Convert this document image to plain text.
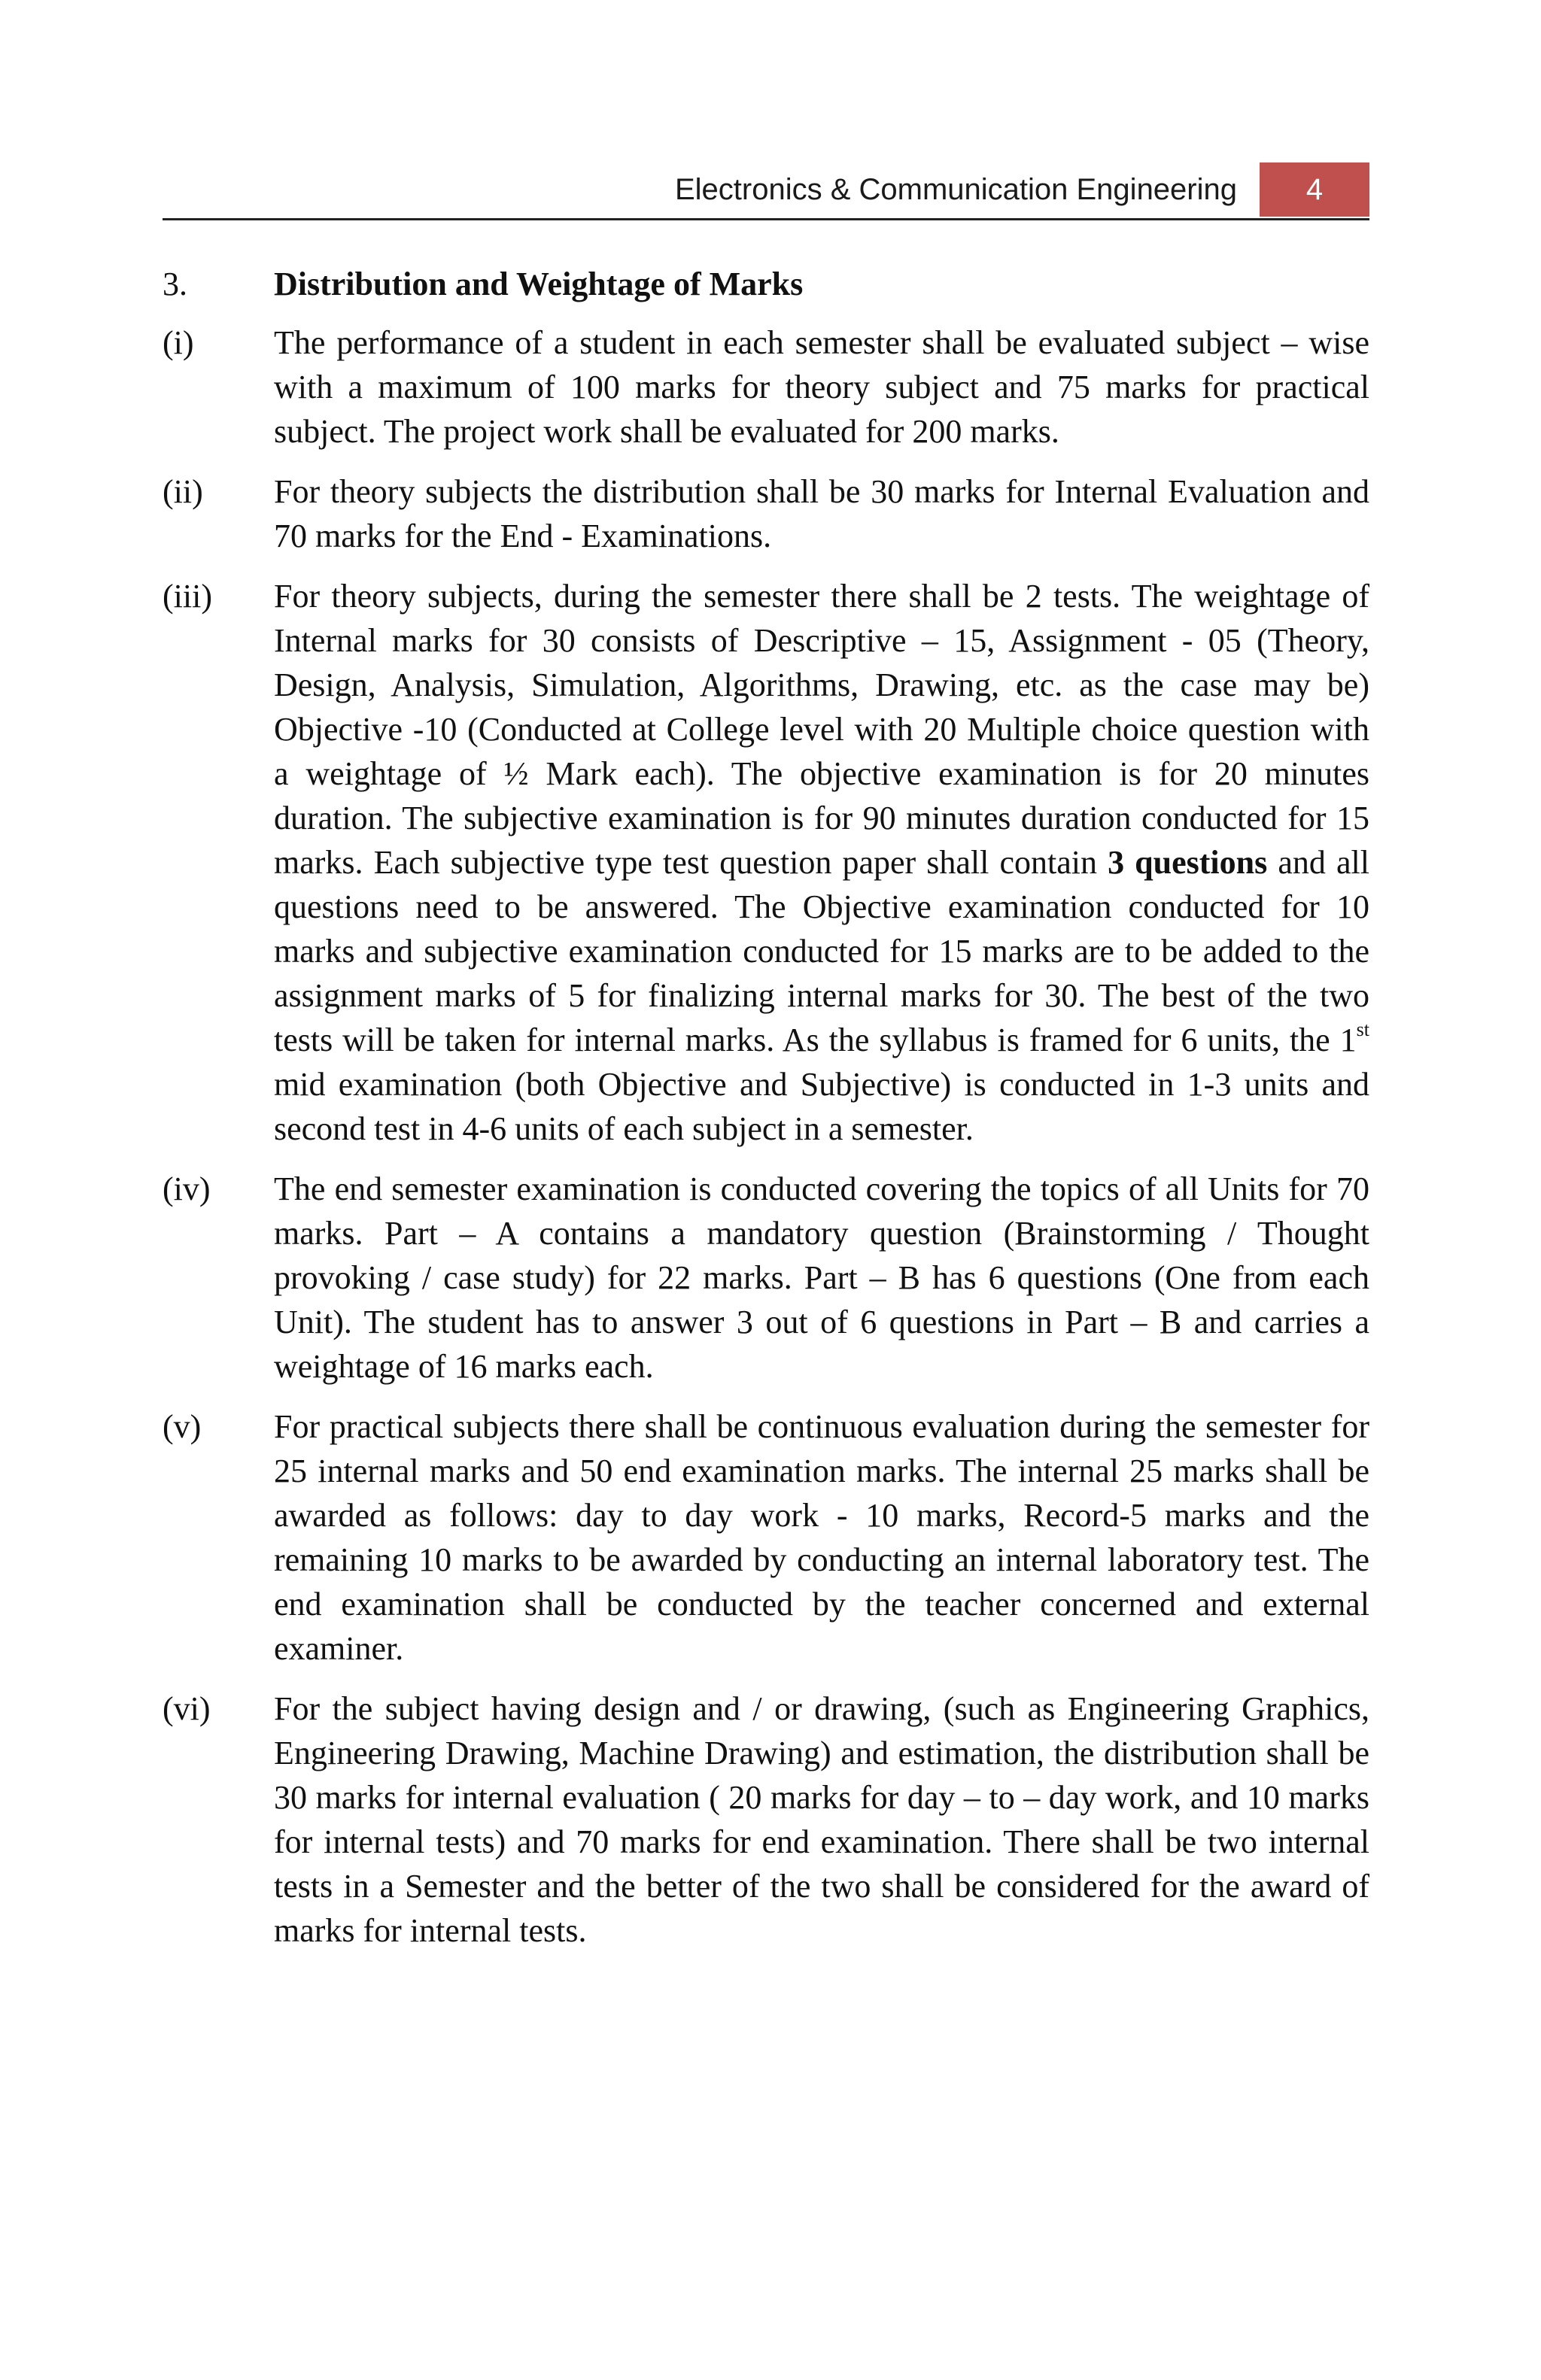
Electronics & Communication Engineering 4
3.	Distribution and Weightage of Marks
(i)	The performance of a student in each semester shall be evaluated subject – wise with a maximum of 100 marks for theory subject and 75 marks for practical subject. The project work shall be evaluated for 200 marks.
(ii)	For theory subjects the distribution shall be 30 marks for Internal Evaluation and 70 marks for the End - Examinations.
(iii)	For theory subjects, during the semester there shall be 2 tests. The weightage of Internal marks for 30 consists of Descriptive – 15, Assignment - 05 (Theory, Design, Analysis, Simulation, Algorithms, Drawing, etc. as the case may be) Objective -10 (Conducted at College level with 20 Multiple choice question with a weightage of ½ Mark each). The objective examination is for 20 minutes duration. The subjective examination is for 90 minutes duration conducted for 15 marks. Each subjective type test question paper shall contain 3 questions and all questions need to be answered. The Objective examination conducted for 10 marks and subjective examination conducted for 15 marks are to be added to the assignment marks of 5 for finalizing internal marks for 30. The best of the two tests will be taken for internal marks. As the syllabus is framed for 6 units, the 1st mid examination (both Objective and Subjective) is conducted in 1-3 units and second test in 4-6 units of each subject in a semester.
(iv)	The end semester examination is conducted covering the topics of all Units for 70 marks. Part – A contains a mandatory question (Brainstorming / Thought provoking / case study) for 22 marks. Part – B has 6 questions (One from each Unit). The student has to answer 3 out of 6 questions in Part – B and carries a weightage of 16 marks each.
(v)	For practical subjects there shall be continuous evaluation during the semester for 25 internal marks and 50 end examination marks. The internal 25 marks shall be awarded as follows: day to day work - 10 marks, Record-5 marks and the remaining 10 marks to be awarded by conducting an internal laboratory test. The end examination shall be conducted by the teacher concerned and external examiner.
(vi)	For the subject having design and / or drawing, (such as Engineering Graphics, Engineering Drawing, Machine Drawing) and estimation, the distribution shall be 30 marks for internal evaluation ( 20 marks for day – to – day work, and 10 marks for internal tests) and 70 marks for end examination. There shall be two internal tests in a Semester and the better of the two shall be considered for the award of marks for internal tests.
